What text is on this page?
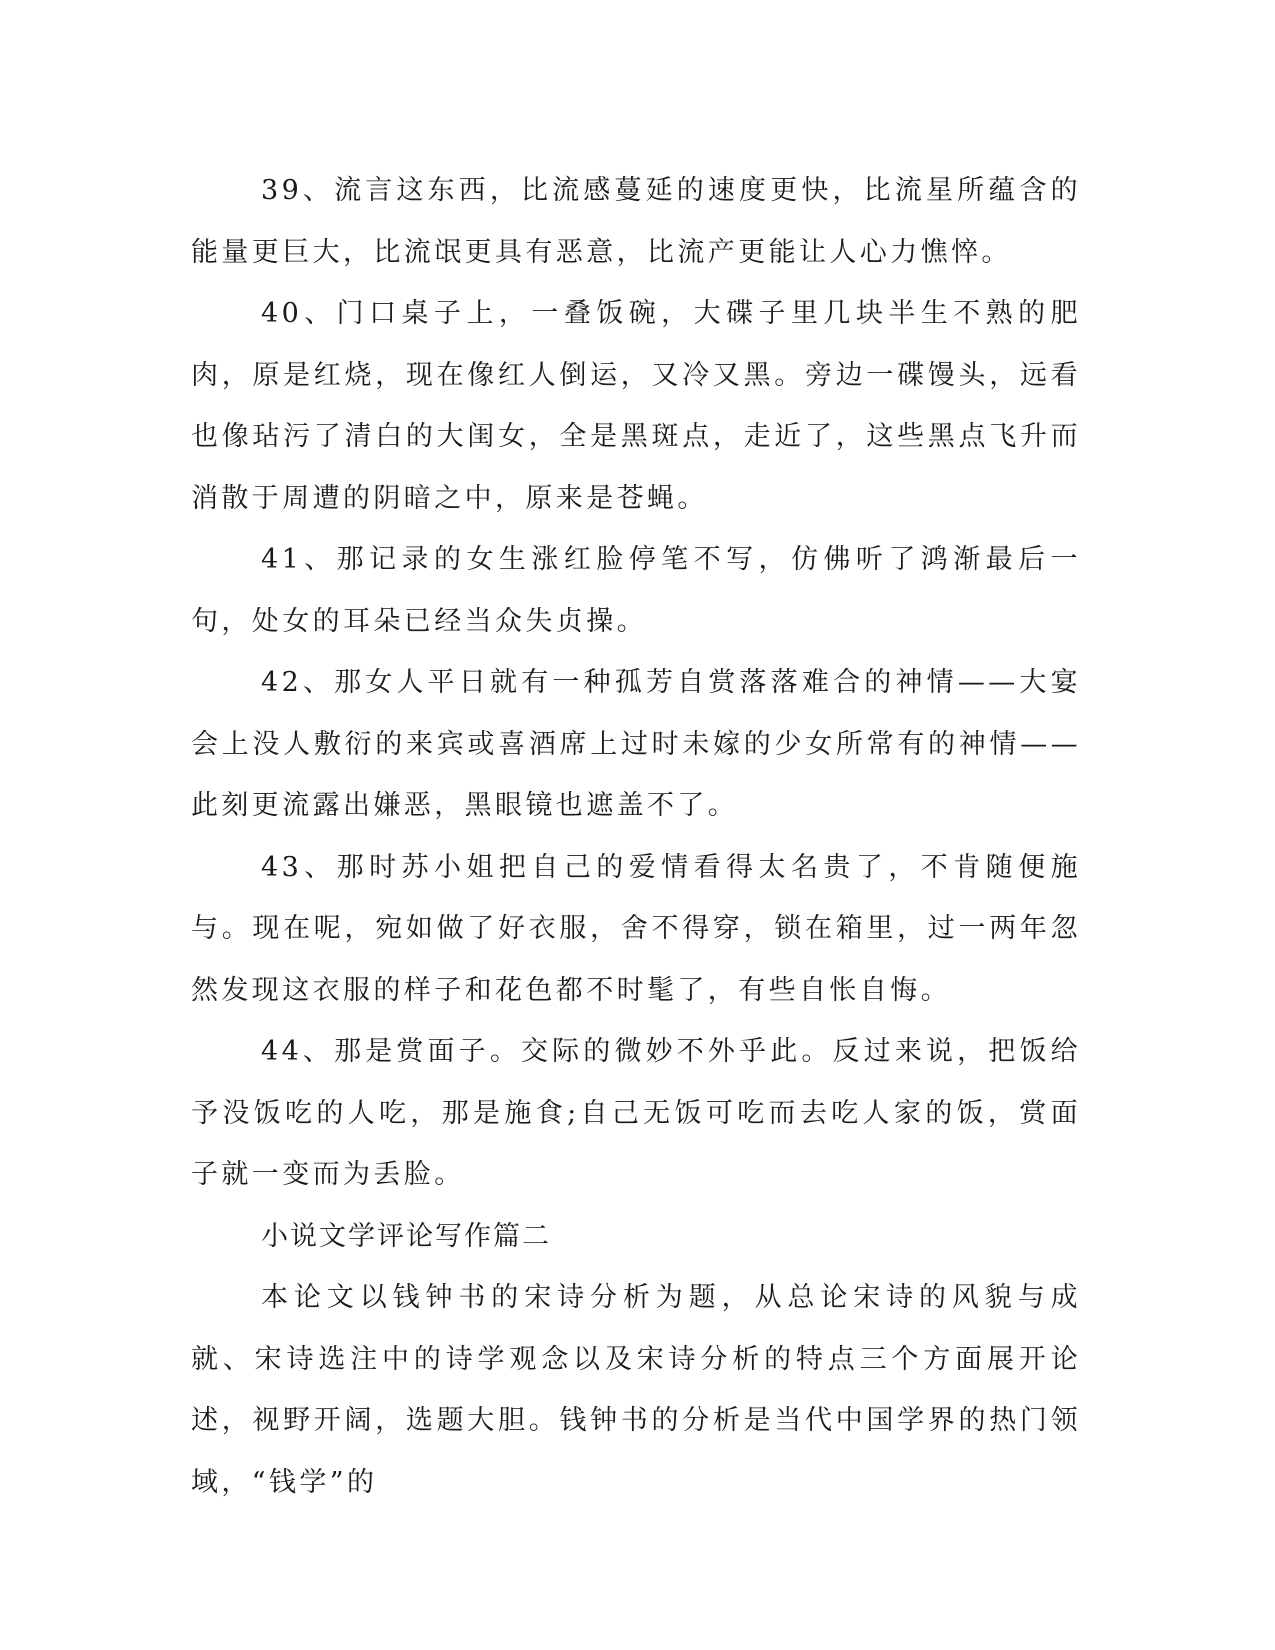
39、流言这东西，比流感蔓延的速度更快，比流星所蕴含的能量更巨大，比流氓更具有恶意，比流产更能让人心力憔悴。

40、门口桌子上，一叠饭碗，大碟子里几块半生不熟的肥肉，原是红烧，现在像红人倒运，又冷又黑。旁边一碟馒头，远看也像玷污了清白的大闺女，全是黑斑点，走近了，这些黑点飞升而消散于周遭的阴暗之中，原来是苍蝇。

41、那记录的女生涨红脸停笔不写，仿佛听了鸿渐最后一句，处女的耳朵已经当众失贞操。

42、那女人平日就有一种孤芳自赏落落难合的神情——大宴会上没人敷衍的来宾或喜酒席上过时未嫁的少女所常有的神情——此刻更流露出嫌恶，黑眼镜也遮盖不了。

43、那时苏小姐把自己的爱情看得太名贵了，不肯随便施与。现在呢，宛如做了好衣服，舍不得穿，锁在箱里，过一两年忽然发现这衣服的样子和花色都不时髦了，有些自怅自悔。

44、那是赏面子。交际的微妙不外乎此。反过来说，把饭给予没饭吃的人吃，那是施食;自己无饭可吃而去吃人家的饭，赏面子就一变而为丢脸。

小说文学评论写作篇二

本论文以钱钟书的宋诗分析为题，从总论宋诗的风貌与成就、宋诗选注中的诗学观念以及宋诗分析的特点三个方面展开论述，视野开阔，选题大胆。钱钟书的分析是当代中国学界的热门领域，“钱学”的
